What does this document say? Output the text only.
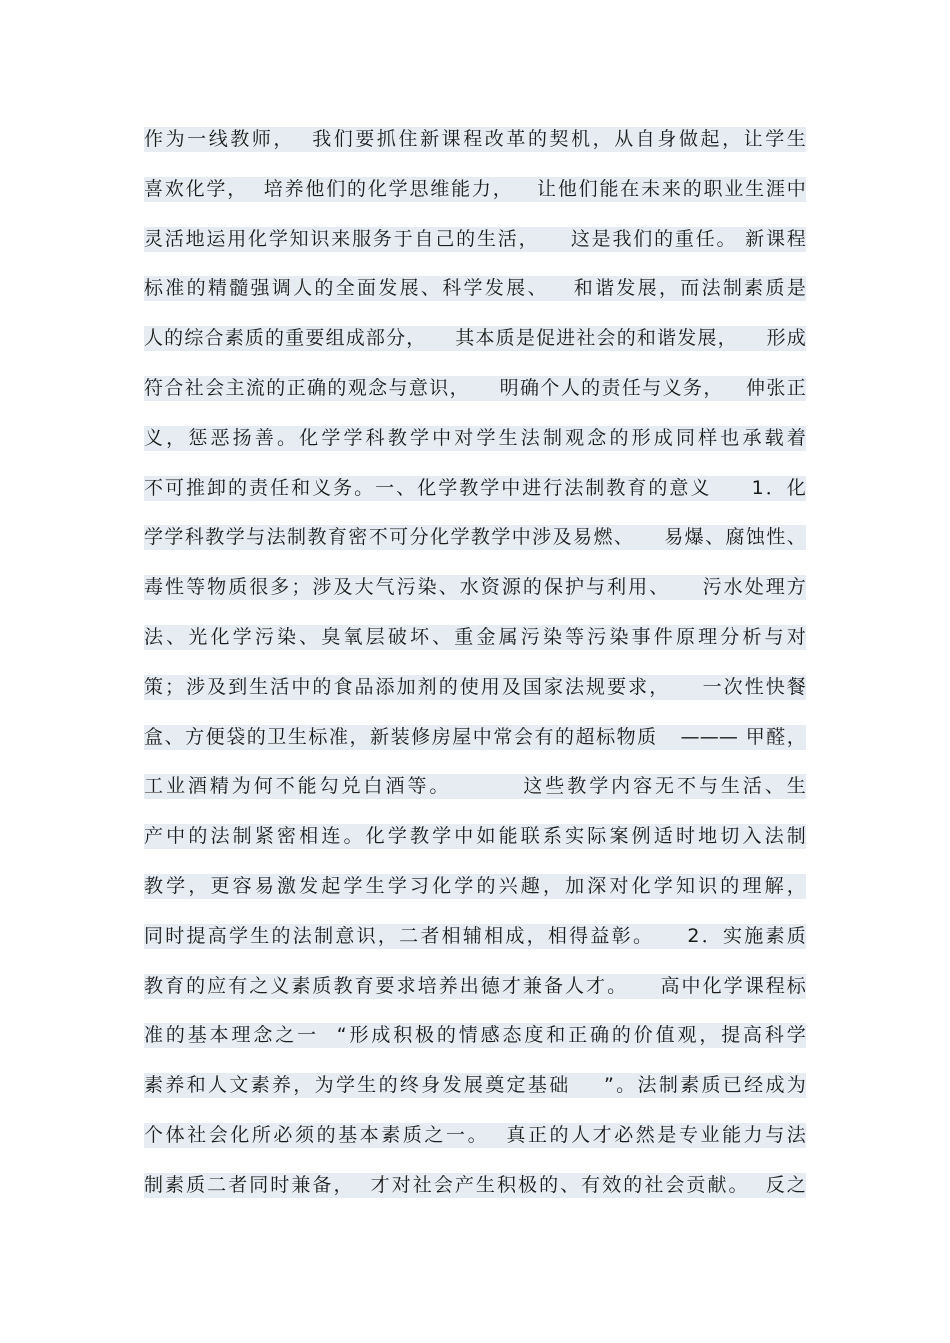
作为一线教师，  我们要抓住新课程改革的契机，从自身做起，让学生
喜欢化学，  培养他们的化学思维能力，   让他们能在未来的职业生涯中
灵活地运用化学知识来服务于自己的生活，    这是我们的重任。 新课程
标准的精髓强调人的全面发展、科学发展、   和谐发展，而法制素质是
人的综合素质的重要组成部分，    其本质是促进社会的和谐发展，    形成
符合社会主流的正确的观念与意识，    明确个人的责任与义务，   伸张正
义，惩恶扬善。化学学科教学中对学生法制观念的形成同样也承载着
不可推卸的责任和义务。一、化学教学中进行法制教育的意义     1．化
学学科教学与法制教育密不可分化学教学中涉及易燃、    易爆、腐蚀性、
毒性等物质很多；涉及大气污染、水资源的保护与利用、    污水处理方
法、光化学污染、臭氧层破坏、重金属污染等污染事件原理分析与对
策；涉及到生活中的食品添加剂的使用及国家法规要求，    一次性快餐
盒、方便袋的卫生标准，新装修房屋中常会有的超标物质   ——— 甲醛，
工业酒精为何不能勾兑白酒等。        这些教学内容无不与生活、生
产中的法制紧密相连。化学教学中如能联系实际案例适时地切入法制
教学，更容易激发起学生学习化学的兴趣，加深对化学知识的理解，
同时提高学生的法制意识，二者相辅相成，相得益彰。    2．实施素质
教育的应有之义素质教育要求培养出德才兼备人才。    高中化学课程标
准的基本理念之一  “形成积极的情感态度和正确的价值观，提高科学
素养和人文素养，为学生的终身发展奠定基础    ”。法制素质已经成为
个体社会化所必须的基本素质之一。  真正的人才必然是专业能力与法
制素质二者同时兼备，  才对社会产生积极的、有效的社会贡献。  反之
